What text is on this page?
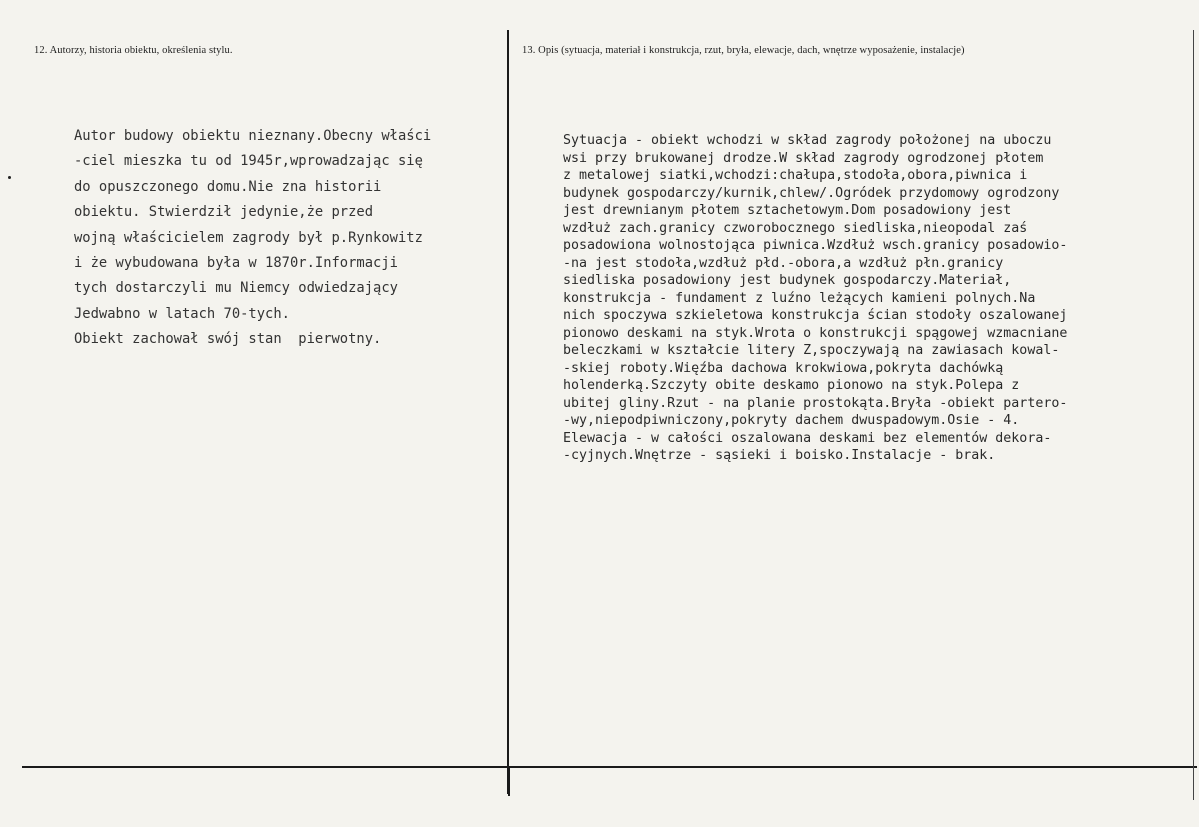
12. Autorzy, historia obiektu, określenia stylu.	13. Opis (sytuacja, materiał i konstrukcja, rzut, bryła, elewacje, dach, wnętrze wyposażenie, instalacje)
Autor budowy obiektu nieznany.Obecny właści
-ciel mieszka tu od 1945r,wprowadzając się
do opuszczonego domu.Nie zna historii
obiektu. Stwierdził jedynie,że przed
wojną właścicielem zagrody był p.Rynkowitz
i że wybudowana była w 1870r.Informacji
tych dostarczyli mu Niemcy odwiedzający
Jedwabno w latach 70-tych.
Obiekt zachował swój stan  pierwotny.
Sytuacja - obiekt wchodzi w skład zagrody położonej na uboczu
wsi przy brukowanej drodze.W skład zagrody ogrodzonej płotem
z metalowej siatki,wchodzi:chałupa,stodoła,obora,piwnica i
budynek gospodarczy/kurnik,chlew/.Ogródek przydomowy ogrodzony
jest drewnianym płotem sztachetowym.Dom posadowiony jest
wzdłuż zach.granicy czworobocznego siedliska,nieopodal zaś
posadowiona wolnostojąca piwnica.Wzdłuż wsch.granicy posadowio-
-na jest stodoła,wzdłuż płd.-obora,a wzdłuż płn.granicy
siedliska posadowiony jest budynek gospodarczy.Materiał,
konstrukcja - fundament z luźno leżących kamieni polnych.Na
nich spoczywa szkieletowa konstrukcja ścian stodoły oszalowanej
pionowo deskami na styk.Wrota o konstrukcji spągowej wzmacniane
beleczkami w kształcie litery Z,spoczywają na zawiasach kowal-
-skiej roboty.Więźba dachowa krokwiowa,pokryta dachówką
holenderką.Szczyty obite deskamo pionowo na styk.Polepa z
ubitej gliny.Rzut - na planie prostokąta.Bryła -obiekt partero-
-wy,niepodpiwniczony,pokryty dachem dwuspadowym.Osie - 4.
Elewacja - w całości oszalowana deskami bez elementów dekora-
-cyjnych.Wnętrze - sąsieki i boisko.Instalacje - brak.
